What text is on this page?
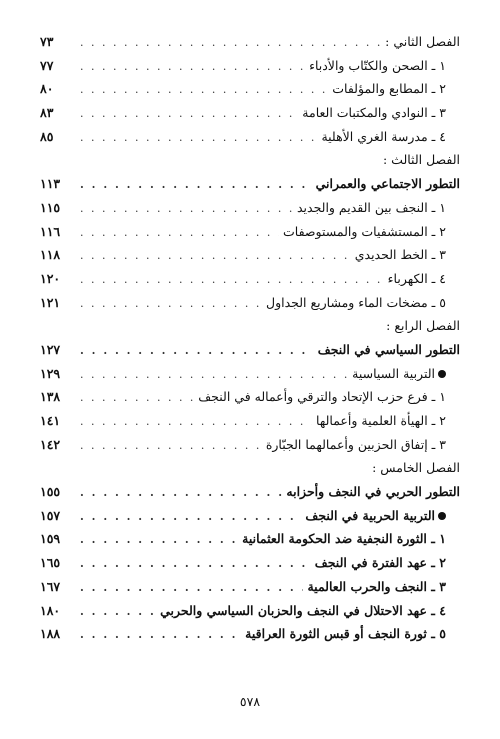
الفصل الثاني :
. . .
٧٣
١ ـ الصحن والكتّاب والأدباء
. . .
٧٧
٢ ـ المطابع والمؤلفات
. . .
٨٠
٣ ـ النوادي والمكتبات العامة
. . .
٨٣
٤ ـ مدرسة الغري الأهلية
. . .
٨٥
الفصل الثالث :
التطور الاجتماعي والعمراني
. . .
١١٣
١ ـ النجف بين القديم والجديد
. . .
١١٥
٢ ـ المستشفيات والمستوصفات
. . .
١١٦
٣ ـ الخط الحديدي
. . .
١١٨
٤ ـ الكهرباء
. . .
١٢٠
٥ ـ مضخات الماء ومشاريع الجداول
. . .
١٢١
الفصل الرابع :
التطور السياسي في النجف
. . .
١٢٧
التربية السياسية
. . .
١٢٩
١ ـ فرع حزب الإتحاد والترقي وأعماله في النجف
. . .
١٣٨
٢ ـ الهيأة العلمية وأعمالها
. . .
١٤١
٣ ـ إتفاق الحزبين وأعمالهما الجبّارة
. . .
١٤٢
الفصل الخامس :
التطور الحربي في النجف وأحزابه
. . .
١٥٥
التربية الحربية في النجف
. . .
١٥٧
١ ـ الثورة النجفية ضد الحكومة العثمانية
. . .
١٥٩
٢ ـ عهد الفترة في النجف
. . .
١٦٥
٣ ـ النجف والحرب العالمية
. . .
١٦٧
٤ ـ عهد الاحتلال في النجف والحزبان السياسي والحربي
. . .
١٨٠
٥ ـ ثورة النجف أو قبس الثورة العراقية
. . .
١٨٨
٥٧٨
